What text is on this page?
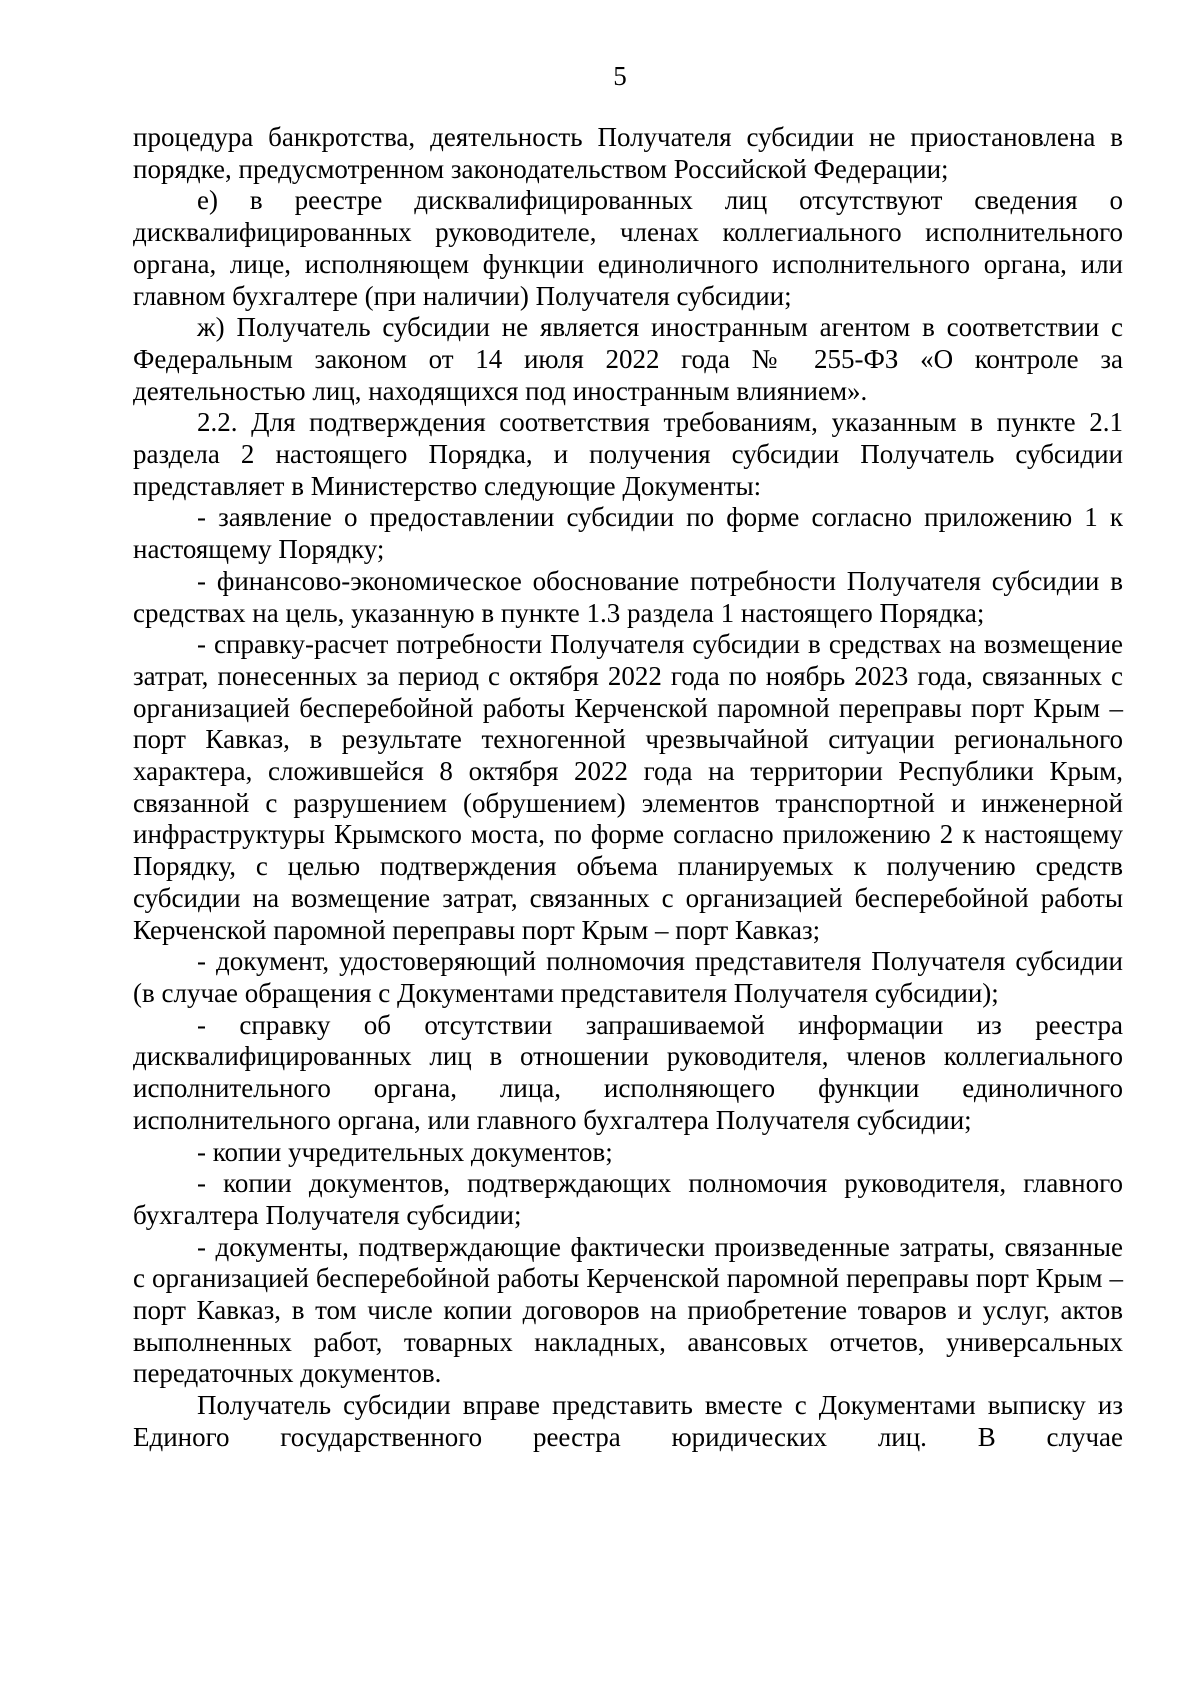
5

процедура банкротства, деятельность Получателя субсидии не приостановлена в порядке, предусмотренном законодательством Российской Федерации;

е) в реестре дисквалифицированных лиц отсутствуют сведения о дисквалифицированных руководителе, членах коллегиального исполнительного органа, лице, исполняющем функции единоличного исполнительного органа, или главном бухгалтере (при наличии) Получателя субсидии;

ж) Получатель субсидии не является иностранным агентом в соответствии с Федеральным законом от 14 июля 2022 года № 255-ФЗ «О контроле за деятельностью лиц, находящихся под иностранным влиянием».

2.2. Для подтверждения соответствия требованиям, указанным в пункте 2.1 раздела 2 настоящего Порядка, и получения субсидии Получатель субсидии представляет в Министерство следующие Документы:

- заявление о предоставлении субсидии по форме согласно приложению 1 к настоящему Порядку;

- финансово-экономическое обоснование потребности Получателя субсидии в средствах на цель, указанную в пункте 1.3 раздела 1 настоящего Порядка;

- справку-расчет потребности Получателя субсидии в средствах на возмещение затрат, понесенных за период с октября 2022 года по ноябрь 2023 года, связанных с организацией бесперебойной работы Керченской паромной переправы порт Крым – порт Кавказ, в результате техногенной чрезвычайной ситуации регионального характера, сложившейся 8 октября 2022 года на территории Республики Крым, связанной с разрушением (обрушением) элементов транспортной и инженерной инфраструктуры Крымского моста, по форме согласно приложению 2 к настоящему Порядку, с целью подтверждения объема планируемых к получению средств субсидии на возмещение затрат, связанных с организацией бесперебойной работы Керченской паромной переправы порт Крым – порт Кавказ;

- документ, удостоверяющий полномочия представителя Получателя субсидии (в случае обращения с Документами представителя Получателя субсидии);

- справку об отсутствии запрашиваемой информации из реестра дисквалифицированных лиц в отношении руководителя, членов коллегиального исполнительного органа, лица, исполняющего функции единоличного исполнительного органа, или главного бухгалтера Получателя субсидии;

- копии учредительных документов;

- копии документов, подтверждающих полномочия руководителя, главного бухгалтера Получателя субсидии;

- документы, подтверждающие фактически произведенные затраты, связанные с организацией бесперебойной работы Керченской паромной переправы порт Крым – порт Кавказ, в том числе копии договоров на приобретение товаров и услуг, актов выполненных работ, товарных накладных, авансовых отчетов, универсальных передаточных документов.

Получатель субсидии вправе представить вместе с Документами выписку из Единого государственного реестра юридических лиц. В случае
